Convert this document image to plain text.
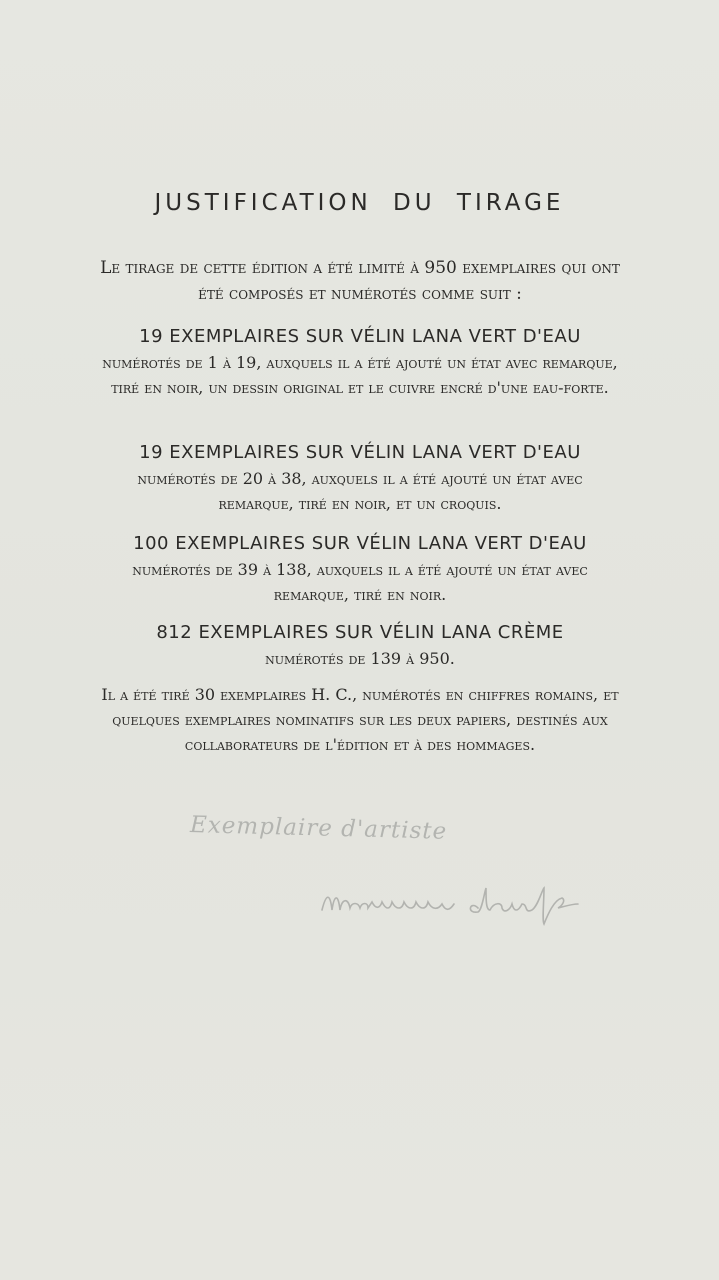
JUSTIFICATION DU TIRAGE

Le tirage de cette édition a été limité à 950 exemplaires qui ont été composés et numérotés comme suit :

19 EXEMPLAIRES SUR VÉLIN LANA VERT D'EAU
numérotés de 1 à 19, auxquels il a été ajouté un état avec remarque, tiré en noir, un dessin original et le cuivre encré d'une eau-forte.
19 EXEMPLAIRES SUR VÉLIN LANA VERT D'EAU
numérotés de 20 à 38, auxquels il a été ajouté un état avec remarque, tiré en noir, et un croquis.
100 EXEMPLAIRES SUR VÉLIN LANA VERT D'EAU
numérotés de 39 à 138, auxquels il a été ajouté un état avec remarque, tiré en noir.
812 EXEMPLAIRES SUR VÉLIN LANA CRÈME
numérotés de 139 à 950.

Il a été tiré 30 exemplaires H. C., numérotés en chiffres romains, et quelques exemplaires nominatifs sur les deux papiers, destinés aux collaborateurs de l'édition et à des hommages.

Exemplaire d'artiste
